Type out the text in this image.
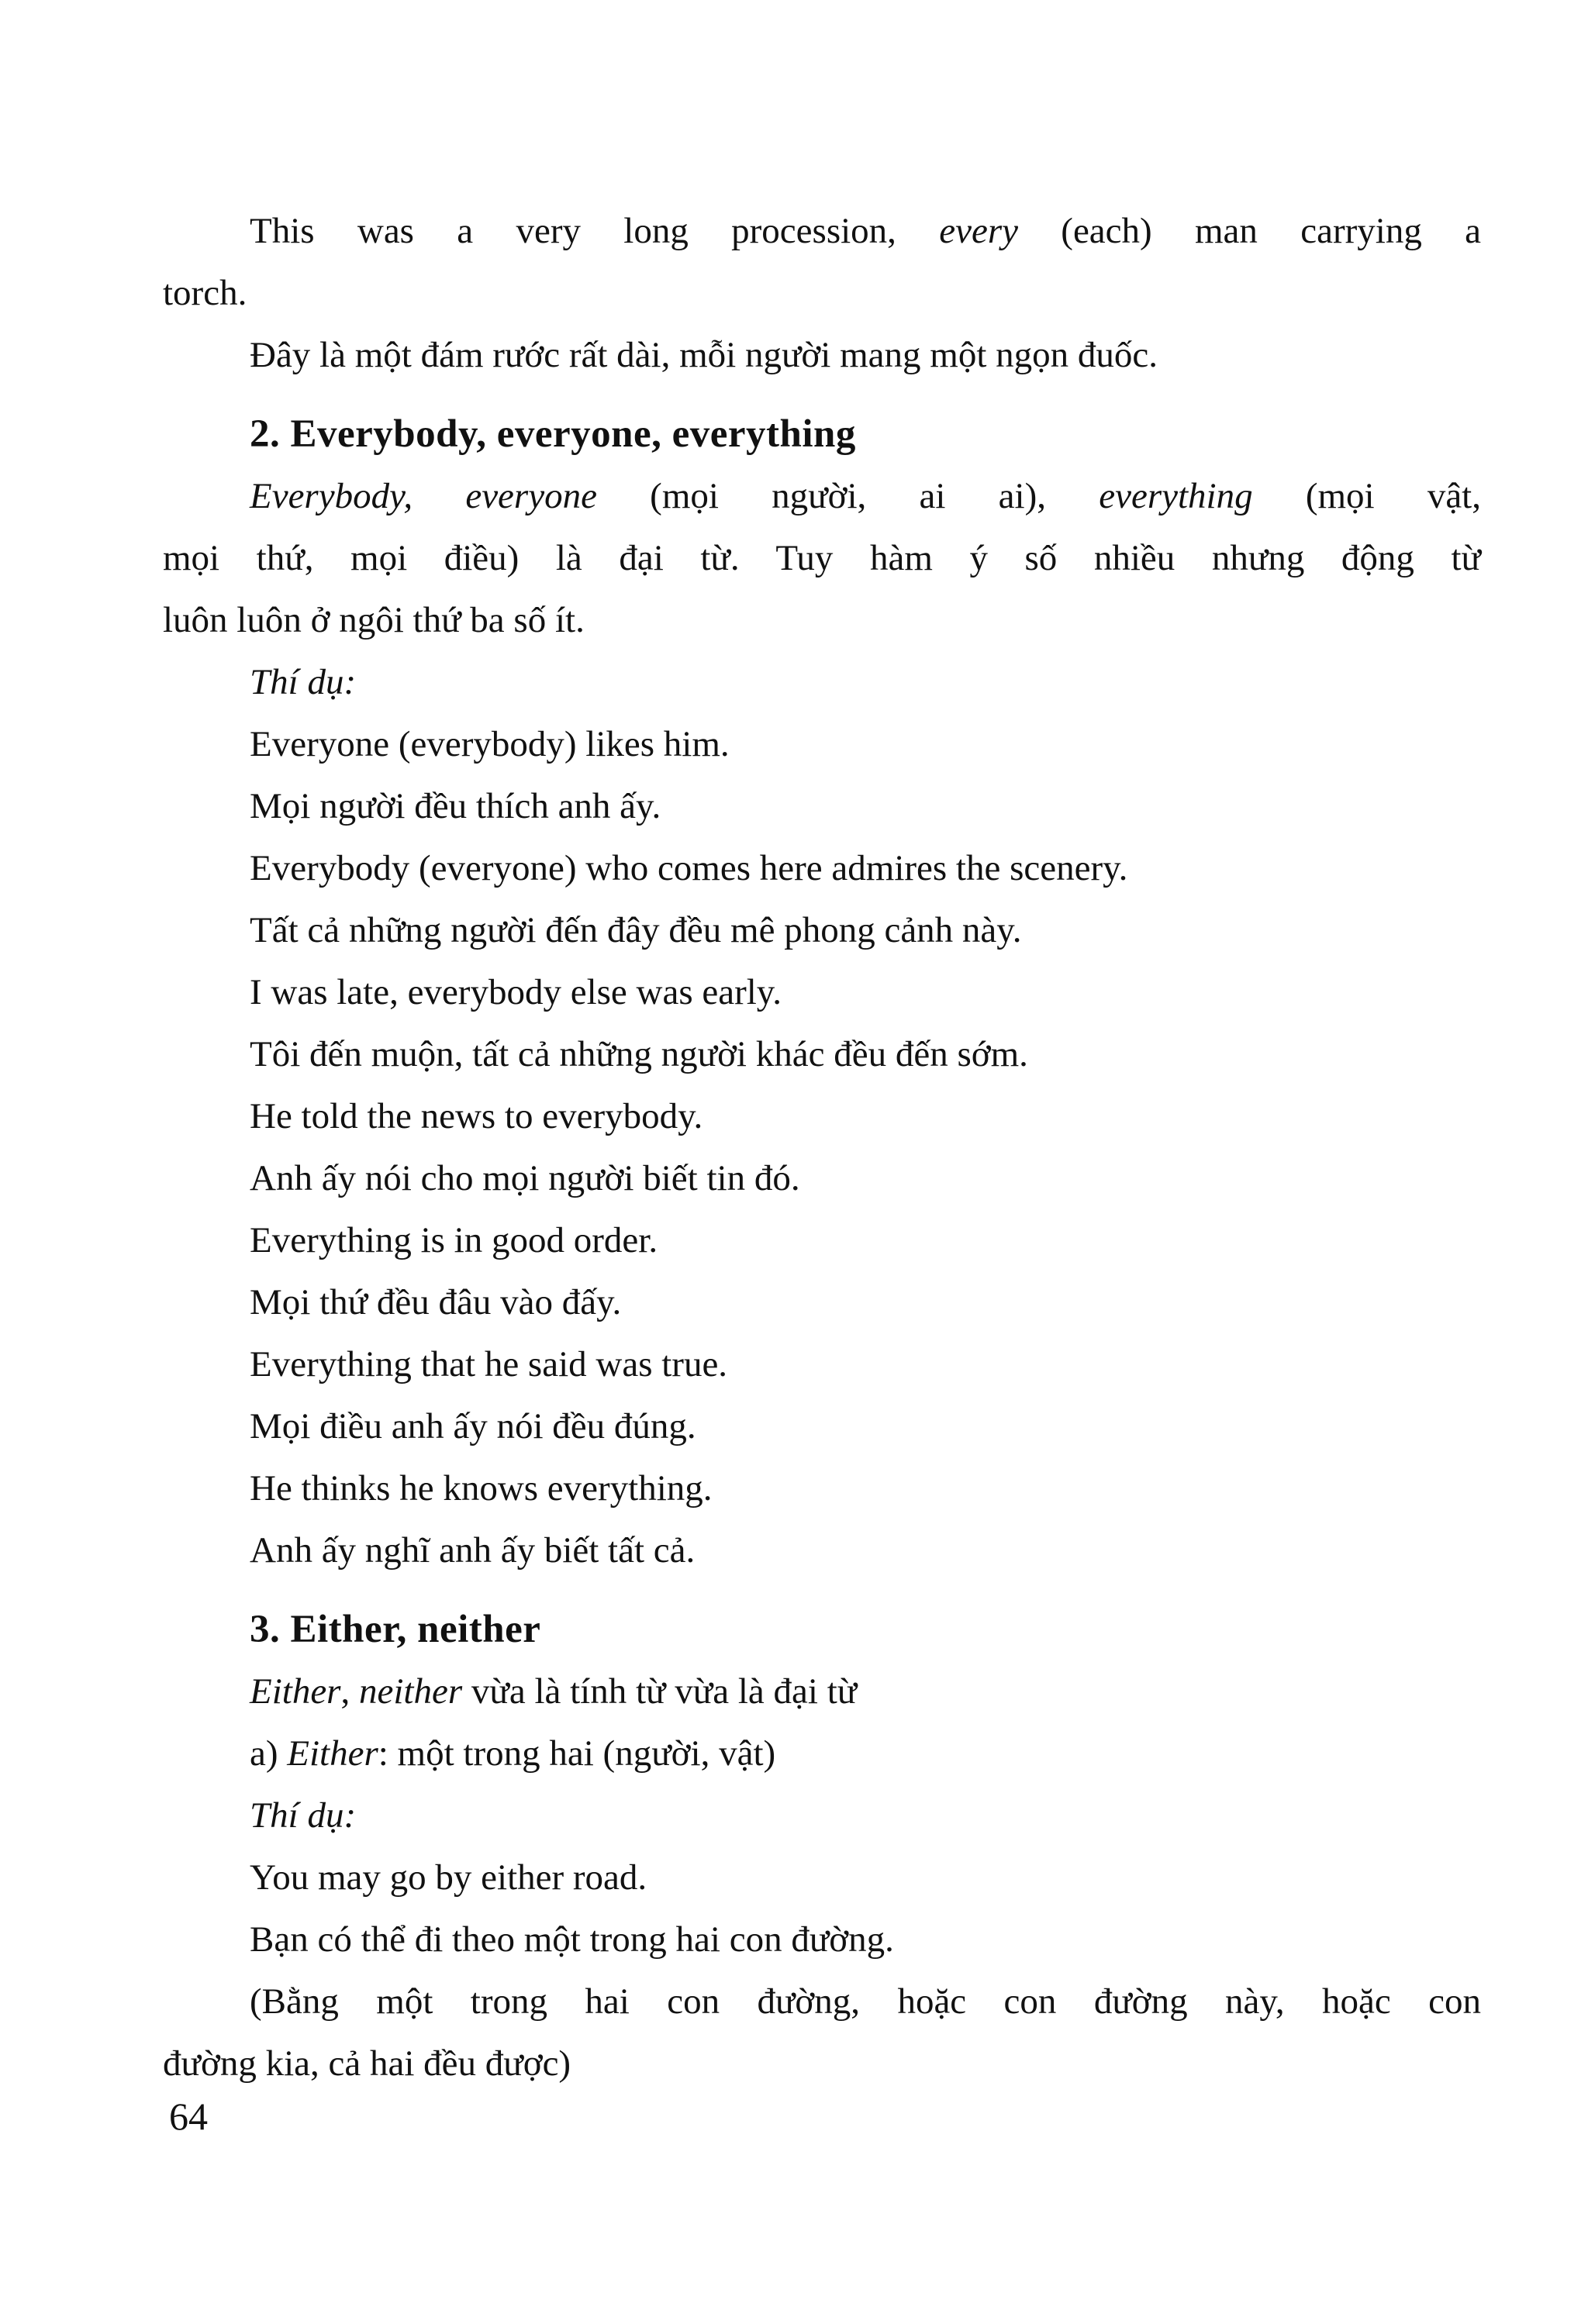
This was a very long procession, every (each) man carrying a

torch.

Đây là một đám rước rất dài, mỗi người mang một ngọn đuốc.

2. Everybody, everyone, everything

Everybody, everyone (mọi người, ai ai), everything (mọi vật,

mọi thứ, mọi điều) là đại từ. Tuy hàm ý số nhiều nhưng động từ

luôn luôn ở ngôi thứ ba số ít.

Thí dụ:

Everyone (everybody) likes him.

Mọi người đều thích anh ấy.

Everybody (everyone) who comes here admires the scenery.

Tất cả những người đến đây đều mê phong cảnh này.

I was late, everybody else was early.

Tôi đến muộn, tất cả những người khác đều đến sớm.

He told the news to everybody.

Anh ấy nói cho mọi người biết tin đó.

Everything is in good order.

Mọi thứ đều đâu vào đấy.

Everything that he said was true.

Mọi điều anh ấy nói đều đúng.

He thinks he knows everything.

Anh ấy nghĩ anh ấy biết tất cả.

3. Either, neither

Either, neither vừa là tính từ vừa là đại từ

a) Either: một trong hai (người, vật)

Thí dụ:

You may go by either road.

Bạn có thể đi theo một trong hai con đường.

(Bằng một trong hai con đường, hoặc con đường này, hoặc con

đường kia, cả hai đều được)

64
